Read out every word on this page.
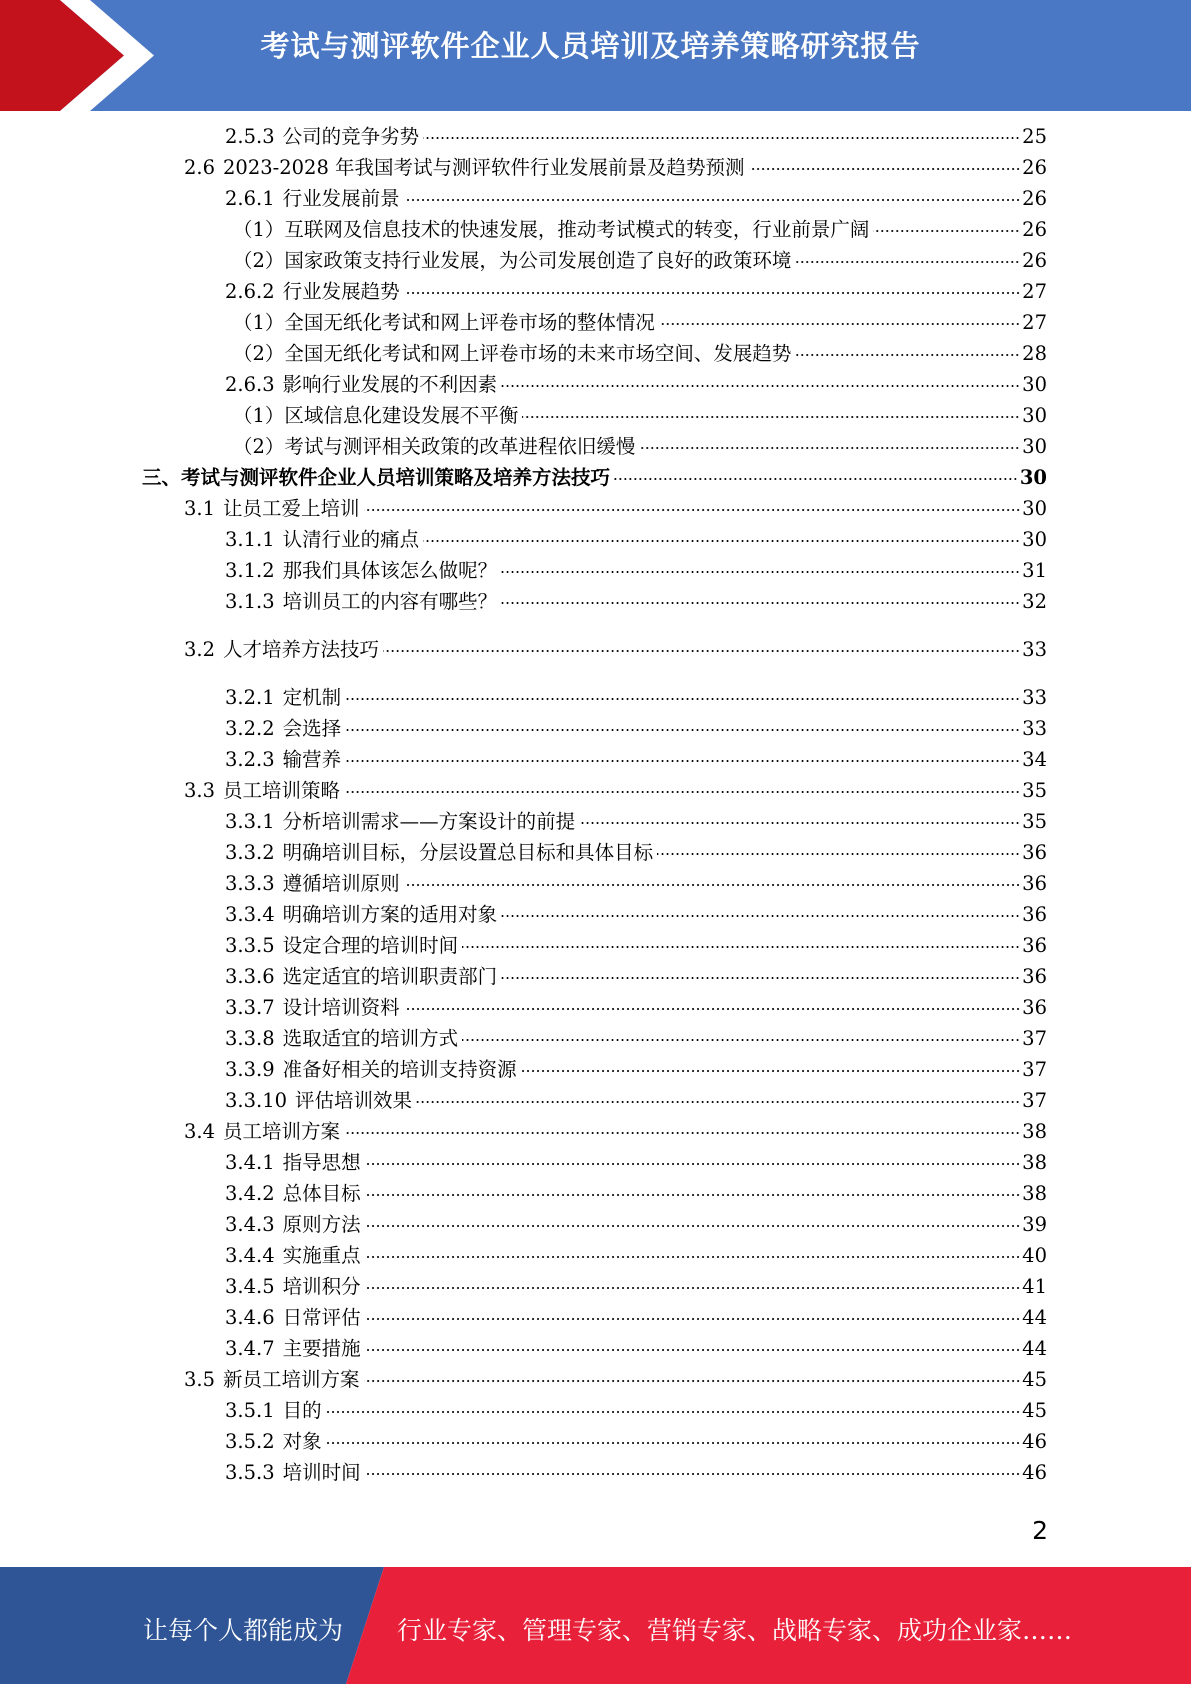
考试与测评软件企业人员培训及培养策略研究报告
2.5.3 公司的竞争劣势	25
2.6 2023-2028 年我国考试与测评软件行业发展前景及趋势预测	26
2.6.1 行业发展前景	26
（1）互联网及信息技术的快速发展，推动考试模式的转变，行业前景广阔	26
（2）国家政策支持行业发展，为公司发展创造了良好的政策环境	26
2.6.2 行业发展趋势	27
（1）全国无纸化考试和网上评卷市场的整体情况	27
（2）全国无纸化考试和网上评卷市场的未来市场空间、发展趋势	28
2.6.3 影响行业发展的不利因素	30
（1）区域信息化建设发展不平衡	30
（2）考试与测评相关政策的改革进程依旧缓慢	30
三、考试与测评软件企业人员培训策略及培养方法技巧	30
3.1 让员工爱上培训	30
3.1.1 认清行业的痛点	30
3.1.2 那我们具体该怎么做呢？	31
3.1.3 培训员工的内容有哪些？	32
3.2 人才培养方法技巧	33
3.2.1 定机制	33
3.2.2 会选择	33
3.2.3 输营养	34
3.3 员工培训策略	35
3.3.1 分析培训需求——方案设计的前提	35
3.3.2 明确培训目标，分层设置总目标和具体目标	36
3.3.3 遵循培训原则	36
3.3.4 明确培训方案的适用对象	36
3.3.5 设定合理的培训时间	36
3.3.6 选定适宜的培训职责部门	36
3.3.7 设计培训资料	36
3.3.8 选取适宜的培训方式	37
3.3.9 准备好相关的培训支持资源	37
3.3.10 评估培训效果	37
3.4 员工培训方案	38
3.4.1 指导思想	38
3.4.2 总体目标	38
3.4.3 原则方法	39
3.4.4 实施重点	40
3.4.5 培训积分	41
3.4.6 日常评估	44
3.4.7 主要措施	44
3.5 新员工培训方案	45
3.5.1 目的	45
3.5.2 对象	46
3.5.3 培训时间	46
2
让每个人都能成为 行业专家、管理专家、营销专家、战略专家、成功企业家……
